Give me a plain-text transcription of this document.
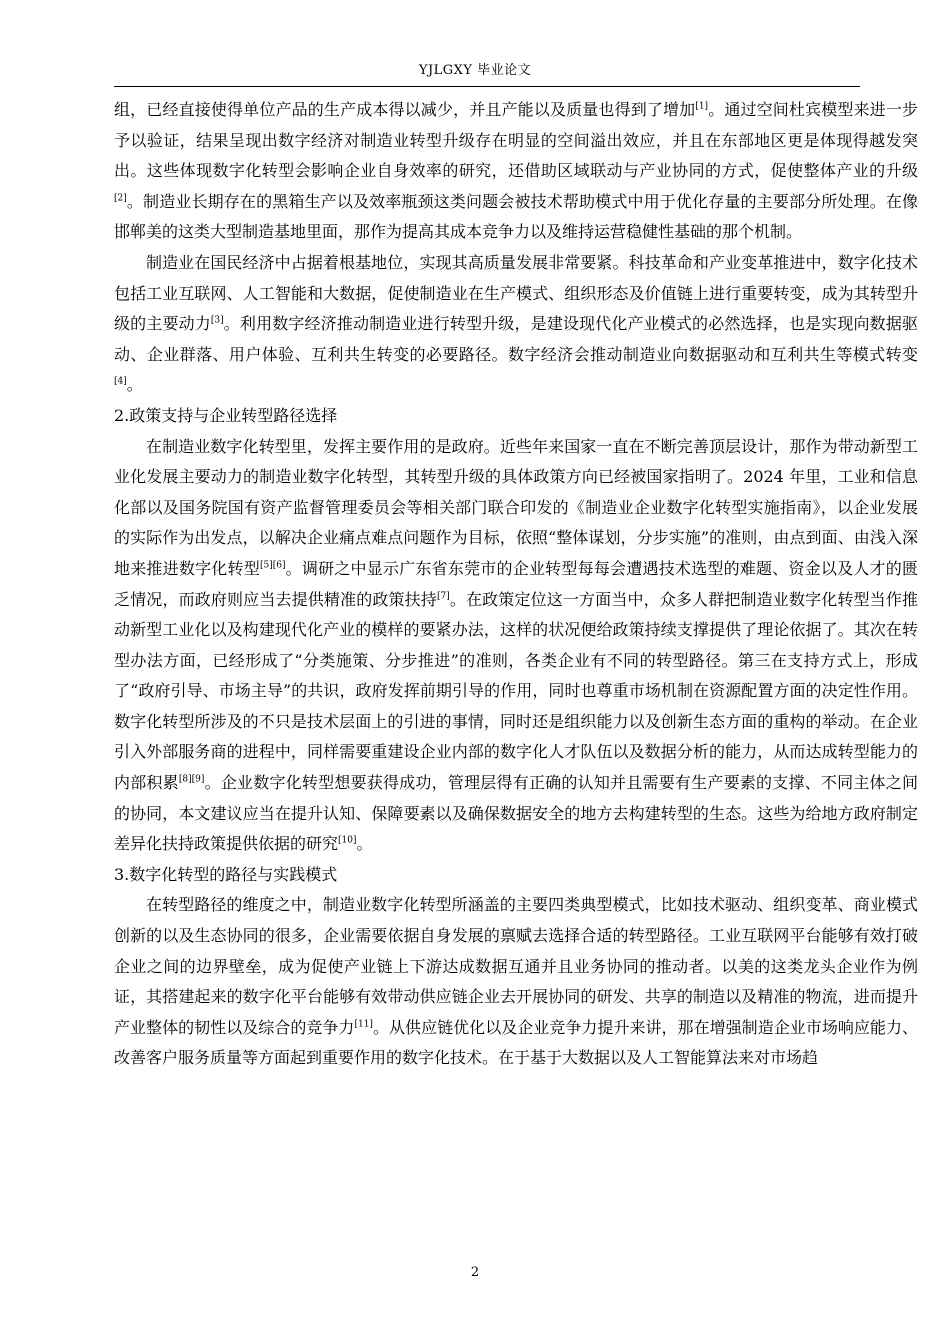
YJLGXY 毕业论文

组，已经直接使得单位产品的生产成本得以减少，并且产能以及质量也得到了增加[1]。通过空间杜宾模型来进一步予以验证，结果呈现出数字经济对制造业转型升级存在明显的空间溢出效应，并且在东部地区更是体现得越发突出。这些体现数字化转型会影响企业自身效率的研究，还借助区域联动与产业协同的方式，促使整体产业的升级[2]。制造业长期存在的黑箱生产以及效率瓶颈这类问题会被技术帮助模式中用于优化存量的主要部分所处理。在像邯郸美的这类大型制造基地里面，那作为提高其成本竞争力以及维持运营稳健性基础的那个机制。

制造业在国民经济中占据着根基地位，实现其高质量发展非常要紧。科技革命和产业变革推进中，数字化技术包括工业互联网、人工智能和大数据，促使制造业在生产模式、组织形态及价值链上进行重要转变，成为其转型升级的主要动力[3]。利用数字经济推动制造业进行转型升级，是建设现代化产业模式的必然选择，也是实现向数据驱动、企业群落、用户体验、互利共生转变的必要路径。数字经济会推动制造业向数据驱动和互利共生等模式转变[4]。

2.政策支持与企业转型路径选择

在制造业数字化转型里，发挥主要作用的是政府。近些年来国家一直在不断完善顶层设计，那作为带动新型工业化发展主要动力的制造业数字化转型，其转型升级的具体政策方向已经被国家指明了。2024 年里，工业和信息化部以及国务院国有资产监督管理委员会等相关部门联合印发的《制造业企业数字化转型实施指南》，以企业发展的实际作为出发点，以解决企业痛点难点问题作为目标，依照“整体谋划，分步实施”的准则，由点到面、由浅入深地来推进数字化转型[5][6]。调研之中显示广东省东莞市的企业转型每每会遭遇技术选型的难题、资金以及人才的匮乏情况，而政府则应当去提供精准的政策扶持[7]。在政策定位这一方面当中，众多人群把制造业数字化转型当作推动新型工业化以及构建现代化产业的模样的要紧办法，这样的状况便给政策持续支撑提供了理论依据了。其次在转型办法方面，已经形成了“分类施策、分步推进”的准则，各类企业有不同的转型路径。第三在支持方式上，形成了“政府引导、市场主导”的共识，政府发挥前期引导的作用，同时也尊重市场机制在资源配置方面的决定性作用。数字化转型所涉及的不只是技术层面上的引进的事情，同时还是组织能力以及创新生态方面的重构的举动。在企业引入外部服务商的进程中，同样需要重建设企业内部的数字化人才队伍以及数据分析的能力，从而达成转型能力的内部积累[8][9]。企业数字化转型想要获得成功，管理层得有正确的认知并且需要有生产要素的支撑、不同主体之间的协同，本文建议应当在提升认知、保障要素以及确保数据安全的地方去构建转型的生态。这些为给地方政府制定差异化扶持政策提供依据的研究[10]。

3.数字化转型的路径与实践模式

在转型路径的维度之中，制造业数字化转型所涵盖的主要四类典型模式，比如技术驱动、组织变革、商业模式创新的以及生态协同的很多，企业需要依据自身发展的禀赋去选择合适的转型路径。工业互联网平台能够有效打破企业之间的边界壁垒，成为促使产业链上下游达成数据互通并且业务协同的推动者。以美的这类龙头企业作为例证，其搭建起来的数字化平台能够有效带动供应链企业去开展协同的研发、共享的制造以及精准的物流，进而提升产业整体的韧性以及综合的竞争力[11]。从供应链优化以及企业竞争力提升来讲，那在增强制造企业市场响应能力、改善客户服务质量等方面起到重要作用的数字化技术。在于基于大数据以及人工智能算法来对市场趋

2
